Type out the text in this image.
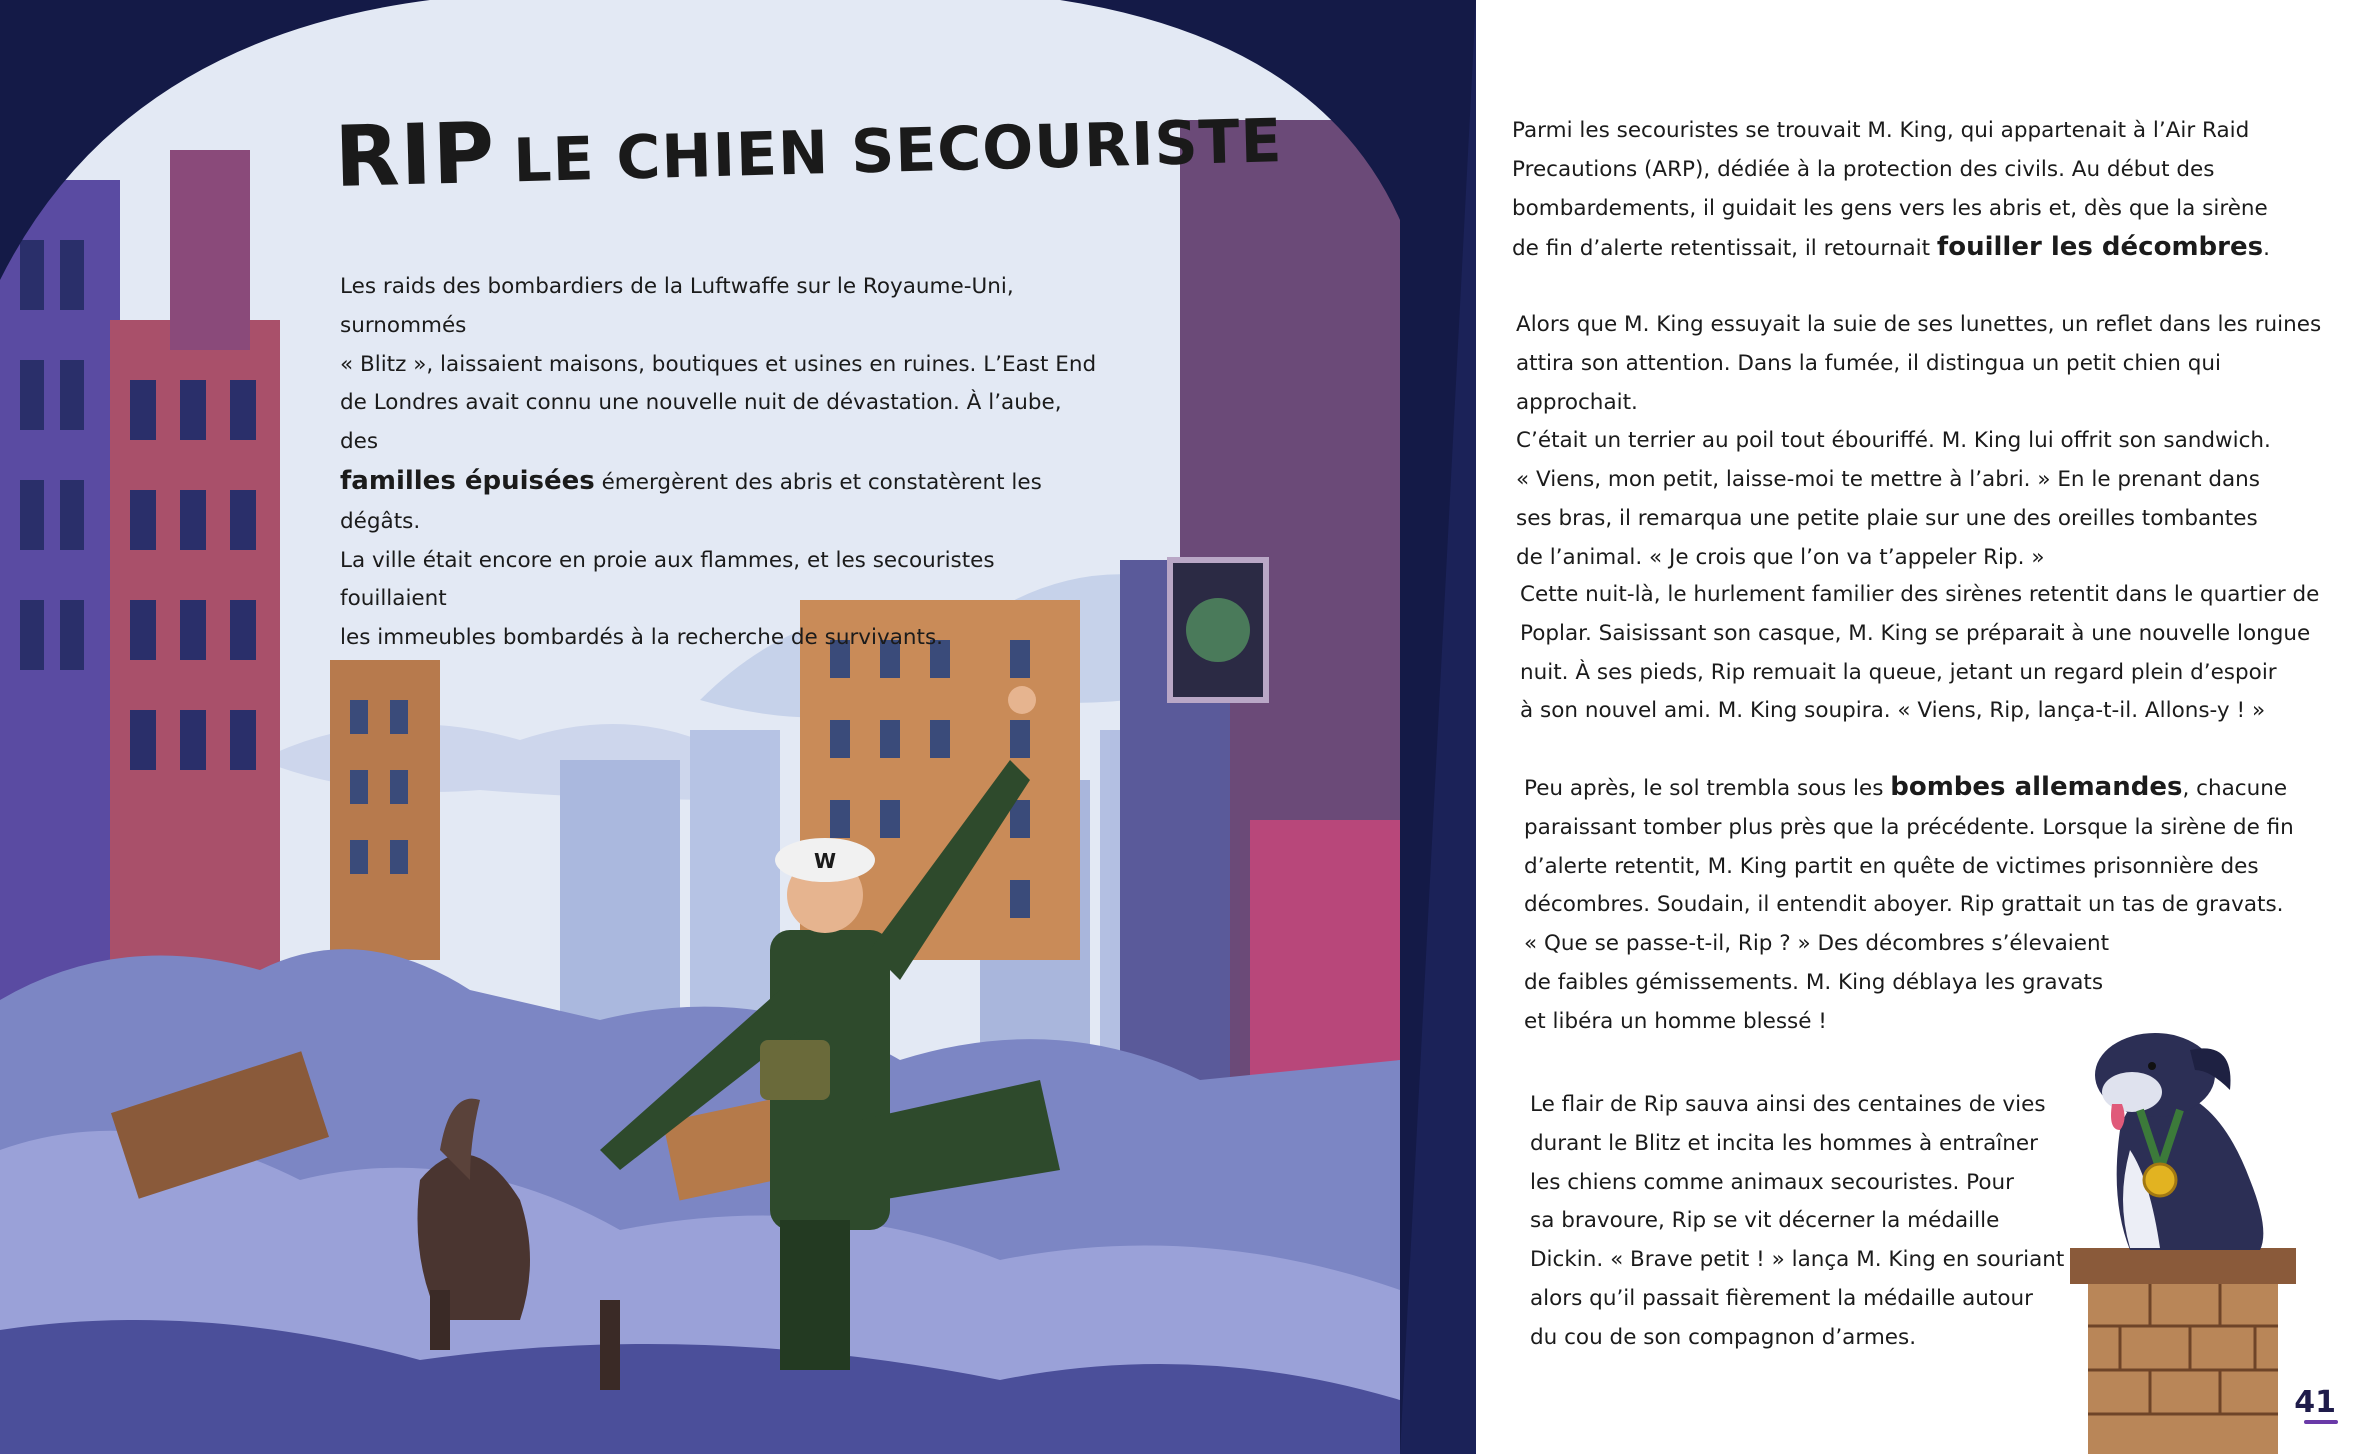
W
RIP LE CHIEN SECOURISTE

Les raids des bombardiers de la Luftwaffe sur le Royaume-Uni, surnommés

« Blitz », laissaient maisons, boutiques et usines en ruines. L’East End

de Londres avait connu une nouvelle nuit de dévastation. À l’aube, des

familles épuisées émergèrent des abris et constatèrent les dégâts.

La ville était encore en proie aux flammes, et les secouristes fouillaient

les immeubles bombardés à la recherche de survivants.

Parmi les secouristes se trouvait M. King, qui appartenait à l’Air Raid

Precautions (ARP), dédiée à la protection des civils. Au début des

bombardements, il guidait les gens vers les abris et, dès que la sirène

de fin d’alerte retentissait, il retournait fouiller les décombres.

Alors que M. King essuyait la suie de ses lunettes, un reflet dans les ruines

attira son attention. Dans la fumée, il distingua un petit chien qui approchait.

C’était un terrier au poil tout ébouriffé. M. King lui offrit son sandwich.

« Viens, mon petit, laisse-moi te mettre à l’abri. » En le prenant dans

ses bras, il remarqua une petite plaie sur une des oreilles tombantes

de l’animal. « Je crois que l’on va t’appeler Rip. »

Cette nuit-là, le hurlement familier des sirènes retentit dans le quartier de

Poplar. Saisissant son casque, M. King se préparait à une nouvelle longue

nuit. À ses pieds, Rip remuait la queue, jetant un regard plein d’espoir

à son nouvel ami. M. King soupira. « Viens, Rip, lança-t-il. Allons-y ! »

Peu après, le sol trembla sous les bombes allemandes, chacune

paraissant tomber plus près que la précédente. Lorsque la sirène de fin

d’alerte retentit, M. King partit en quête de victimes prisonnière des

décombres. Soudain, il entendit aboyer. Rip grattait un tas de gravats.

« Que se passe-t-il, Rip ? » Des décombres s’élevaient

de faibles gémissements. M. King déblaya les gravats

et libéra un homme blessé !

Le flair de Rip sauva ainsi des centaines de vies

durant le Blitz et incita les hommes à entraîner

les chiens comme animaux secouristes. Pour

sa bravoure, Rip se vit décerner la médaille

Dickin. « Brave petit ! » lança M. King en souriant

alors qu’il passait fièrement la médaille autour

du cou de son compagnon d’armes.

41
